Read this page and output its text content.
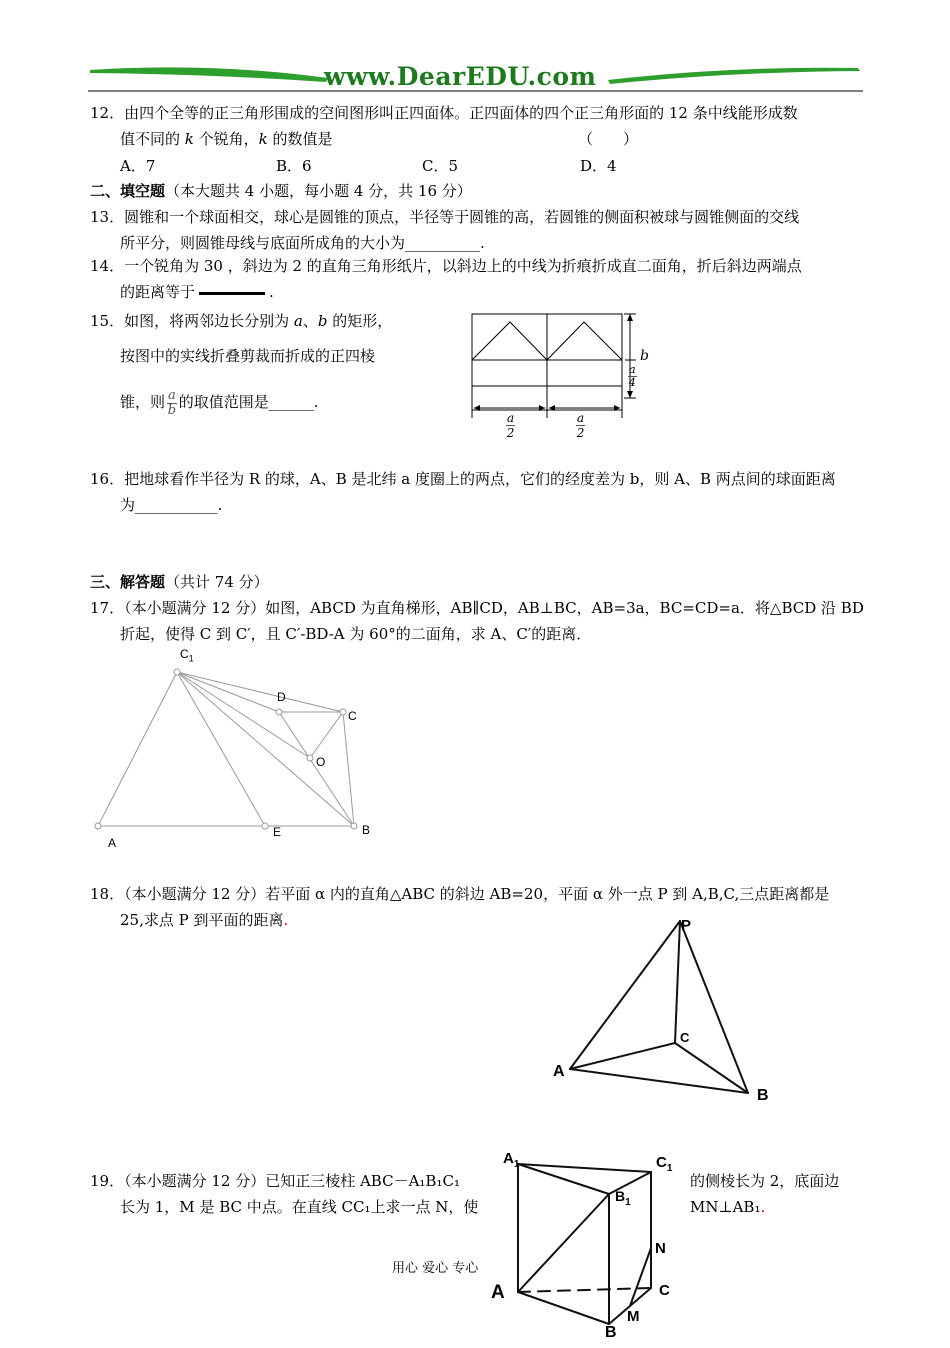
www.DearEDU.com
12．由四个全等的正三角形围成的空间图形叫正四面体。正四面体的四个正三角形面的 12 条中线能形成数
值不同的 k 个锐角，k 的数值是	（　　）
A．7	B．6	C．5	D．4
二、填空题（本大题共 4 小题，每小题 4 分，共 16 分）
13．圆锥和一个球面相交，球心是圆锥的顶点，半径等于圆锥的高，若圆锥的侧面积被球与圆锥侧面的交线
所平分，则圆锥母线与底面所成角的大小为__________.
14．一个锐角为 30 ，斜边为 2 的直角三角形纸片，以斜边上的中线为折痕折成直二面角，折后斜边两端点
的距离等于	.
15．如图，将两邻边长分别为 a、b 的矩形，
按图中的实线折叠剪裁而折成的正四棱
锥，则 $\frac{a}{b}$ 的取值范围是______.
b
$\frac{a}{4}$
$\frac{a}{2}$	$\frac{a}{2}$
16．把地球看作半径为 R 的球，A、B 是北纬 a 度圈上的两点，它们的经度差为 b，则 A、B 两点间的球面距离
为___________.
三、解答题（共计 74 分）
17．（本小题满分 12 分）如图，ABCD 为直角梯形，AB∥CD，AB⊥BC，AB=3a，BC=CD=a．将△BCD 沿 BD
折起，使得 C 到 C′，且 C′-BD-A 为 60°的二面角，求 A、C′的距离．
$C_1$
D
C
O
A
E	B
18．（本小题满分 12 分）若平面 α 内的直角△ABC 的斜边 AB=20，平面 α 外一点 P 到 A,B,C,三点距离都是
25,求点 P 到平面的距离.	P
C
A
B
19．（本小题满分 12 分）已知正三棱柱 ABC－A₁B₁C₁	的侧棱长为 2，底面边
长为 1，M 是 BC 中点。在直线 CC₁上求一点 N，使	MN⊥AB₁.
$A_1$	$C_1$
$B_1$
N
A	C
M
B
用心 爱心 专心
